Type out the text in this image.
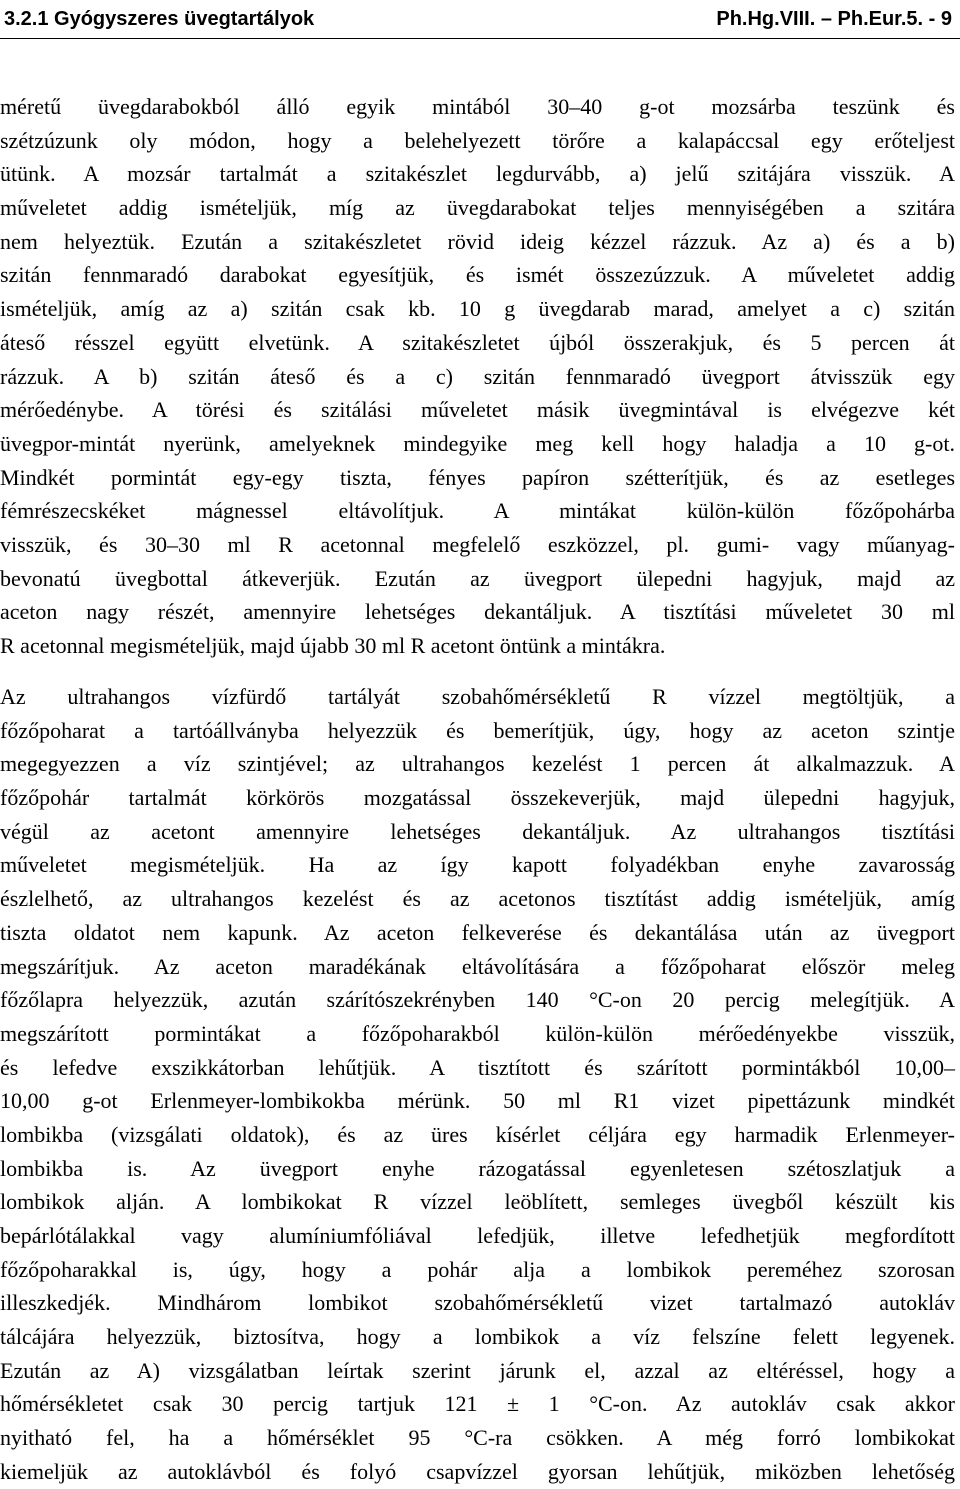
3.2.1 Gyógyszeres üvegtartályok	Ph.Hg.VIII. – Ph.Eur.5. - 9
méretű üvegdarabokból álló egyik mintából 30–40 g-ot mozsárba teszünk és
szétzúzunk oly módon, hogy a belehelyezett törőre a kalapáccsal egy erőteljest
ütünk. A mozsár tartalmát a szitakészlet legdurvább, a) jelű szitájára visszük. A
műveletet addig ismételjük, míg az üvegdarabokat teljes mennyiségében a szitára
nem helyeztük. Ezután a szitakészletet rövid ideig kézzel rázzuk. Az a) és a b)
szitán fennmaradó darabokat egyesítjük, és ismét összezúzzuk. A műveletet addig
ismételjük, amíg az a) szitán csak kb. 10 g üvegdarab marad, amelyet a c) szitán
áteső résszel együtt elvetünk. A szitakészletet újból összerakjuk, és 5 percen át
rázzuk. A b) szitán áteső és a c) szitán fennmaradó üvegport átvisszük egy
mérőedénybe. A törési és szitálási műveletet másik üvegmintával is elvégezve két
üvegpor-mintát nyerünk, amelyeknek mindegyike meg kell hogy haladja a 10 g-ot.
Mindkét pormintát egy-egy tiszta, fényes papíron szétterítjük, és az esetleges
fémrészecskéket mágnessel eltávolítjuk. A mintákat külön-külön főzőpohárba
visszük, és 30–30 ml R acetonnal megfelelő eszközzel, pl. gumi- vagy műanyag-
bevonatú üvegbottal átkeverjük. Ezután az üvegport ülepedni hagyjuk, majd az
aceton nagy részét, amennyire lehetséges dekantáljuk. A tisztítási műveletet 30 ml
R acetonnal megismételjük, majd újabb 30 ml R acetont öntünk a mintákra.
Az ultrahangos vízfürdő tartályát szobahőmérsékletű R vízzel megtöltjük, a
főzőpoharat a tartóállványba helyezzük és bemerítjük, úgy, hogy az aceton szintje
megegyezzen a víz szintjével; az ultrahangos kezelést 1 percen át alkalmazzuk. A
főzőpohár tartalmát körkörös mozgatással összekeverjük, majd ülepedni hagyjuk,
végül az acetont amennyire lehetséges dekantáljuk. Az ultrahangos tisztítási
műveletet megismételjük. Ha az így kapott folyadékban enyhe zavarosság
észlelhető, az ultrahangos kezelést és az acetonos tisztítást addig ismételjük, amíg
tiszta oldatot nem kapunk. Az aceton felkeverése és dekantálása után az üvegport
megszárítjuk. Az aceton maradékának eltávolítására a főzőpoharat először meleg
főzőlapra helyezzük, azután szárítószekrényben 140 °C-on 20 percig melegítjük. A
megszárított pormintákat a főzőpoharakból külön-külön mérőedényekbe visszük,
és lefedve exszikkátorban lehűtjük. A tisztított és szárított pormintákból 10,00–
10,00 g-ot Erlenmeyer-lombikokba mérünk. 50 ml R1 vizet pipettázunk mindkét
lombikba (vizsgálati oldatok), és az üres kísérlet céljára egy harmadik Erlenmeyer-
lombikba is. Az üvegport enyhe rázogatással egyenletesen szétoszlatjuk a
lombikok alján. A lombikokat R vízzel leöblített, semleges üvegből készült kis
bepárlótálakkal vagy alumíniumfóliával lefedjük, illetve lefedhetjük megfordított
főzőpoharakkal is, úgy, hogy a pohár alja a lombikok pereméhez szorosan
illeszkedjék. Mindhárom lombikot szobahőmérsékletű vizet tartalmazó autokláv
tálcájára helyezzük, biztosítva, hogy a lombikok a víz felszíne felett legyenek.
Ezután az A) vizsgálatban leírtak szerint járunk el, azzal az eltéréssel, hogy a
hőmérsékletet csak 30 percig tartjuk 121 ± 1 °C-on. Az autokláv csak akkor
nyitható fel, ha a hőmérséklet 95 °C-ra csökken. A még forró lombikokat
kiemeljük az autoklávból és folyó csapvízzel gyorsan lehűtjük, miközben lehetőség
